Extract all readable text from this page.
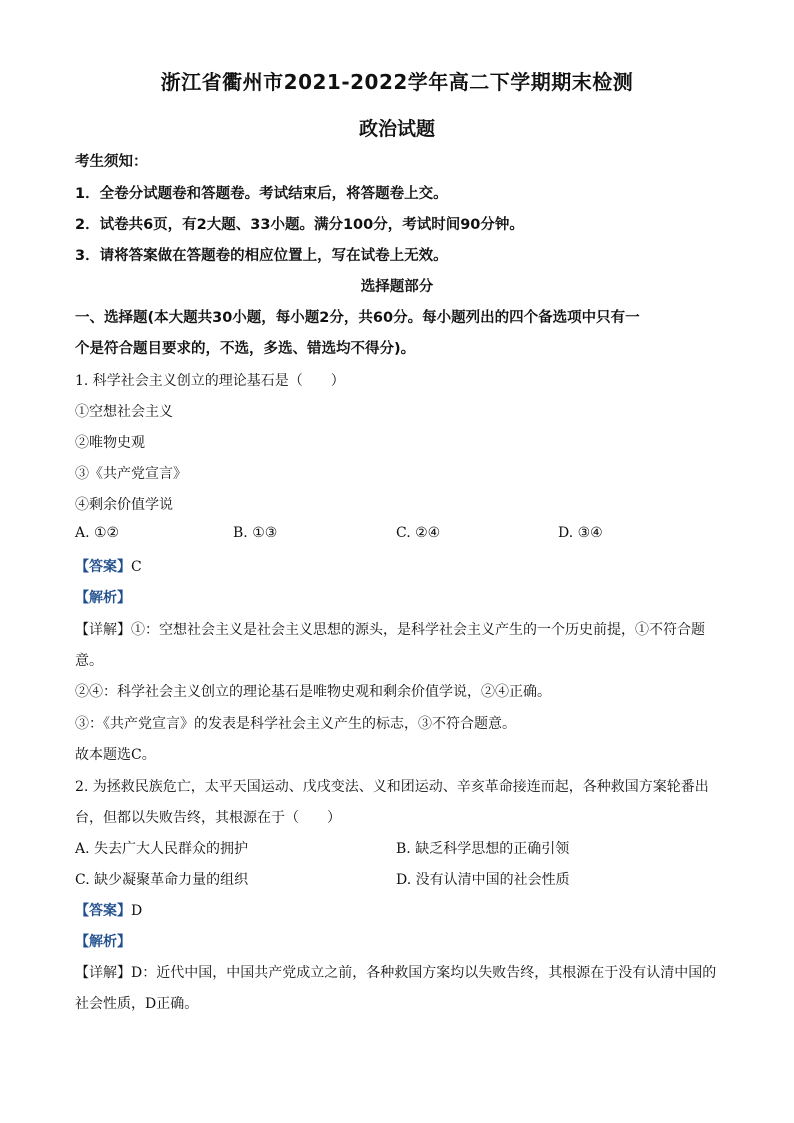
浙江省衢州市2021-2022学年高二下学期期末检测
政治试题
考生须知：
1．全卷分试题卷和答题卷。考试结束后，将答题卷上交。
2．试卷共6页，有2大题、33小题。满分100分，考试时间90分钟。
3．请将答案做在答题卷的相应位置上，写在试卷上无效。
选择题部分
一、选择题(本大题共30小题，每小题2分，共60分。每小题列出的四个备选项中只有一
个是符合题目要求的，不选，多选、错选均不得分)。
1. 科学社会主义创立的理论基石是（　　）
①空想社会主义
②唯物史观
③《共产党宣言》
④剩余价值学说
A. ①②	B. ①③	C. ②④	D. ③④
【答案】C
【解析】
【详解】①：空想社会主义是社会主义思想的源头，是科学社会主义产生的一个历史前提，①不符合题
意。
②④：科学社会主义创立的理论基石是唯物史观和剩余价值学说，②④正确。
③：《共产党宣言》的发表是科学社会主义产生的标志，③不符合题意。
故本题选C。
2. 为拯救民族危亡，太平天国运动、戊戌变法、义和团运动、辛亥革命接连而起，各种救国方案轮番出
台，但都以失败告终，其根源在于（　　）
A. 失去广大人民群众的拥护	B. 缺乏科学思想的正确引领
C. 缺少凝聚革命力量的组织	D. 没有认清中国的社会性质
【答案】D
【解析】
【详解】D：近代中国，中国共产党成立之前，各种救国方案均以失败告终，其根源在于没有认清中国的
社会性质，D正确。
